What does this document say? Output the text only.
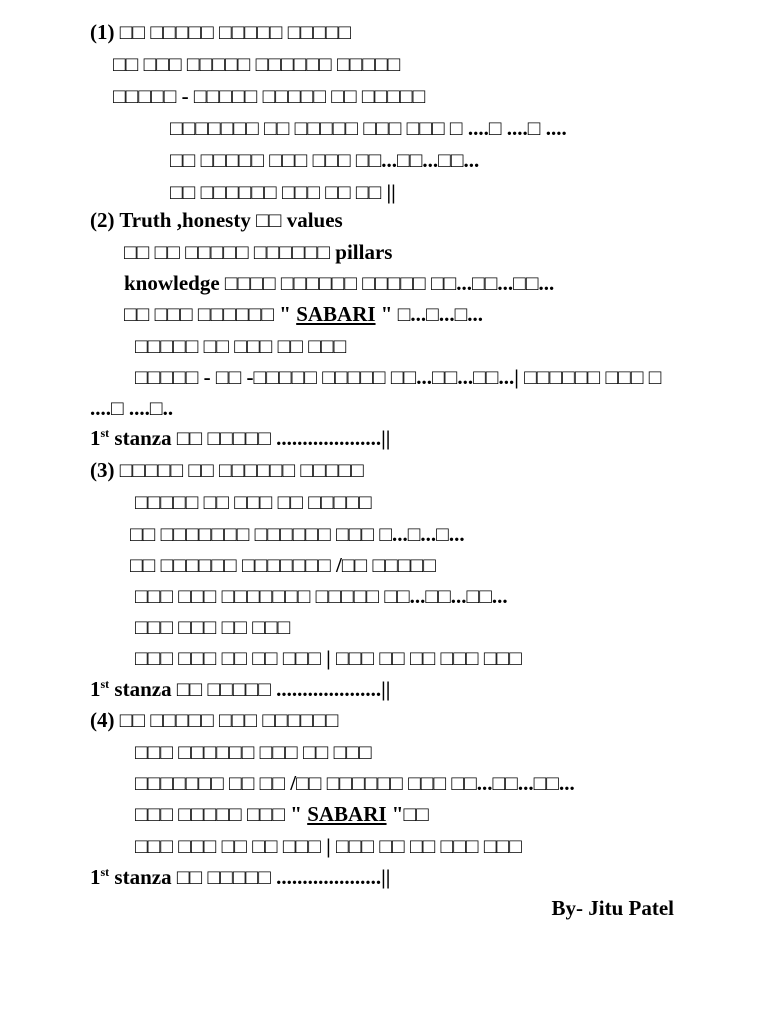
(1) □□ □□□□□ □□□□□ □□□□□
□□ □□□ □□□□□ □□□□□□ □□□□□
□□□□□ - □□□□□ □□□□□ □□ □□□□□
□□□□□□□ □□ □□□□□ □□□ □□□ □ ....□ ....□ ....
□□ □□□□□ □□□ □□□ □□...□□...□□...
□□ □□□□□□ □□□ □□ □□ ||
(2) Truth ,honesty □□ values
□□ □□ □□□□□ □□□□□□ pillars
knowledge □□□□ □□□□□□ □□□□□ □□...□□...□□...
□□ □□□ □□□□□□ " SABARI " □...□...□...
□□□□□ □□ □□□ □□ □□□
□□□□□ - □□ -□□□□□ □□□□□ □□...□□...□□...| □□□□□□ □□□ □
....□ ....□..
1st stanza □□ □□□□□ ....................||
(3) □□□□□ □□ □□□□□□ □□□□□
□□□□□ □□ □□□ □□ □□□□□
□□ □□□□□□□ □□□□□□ □□□ □...□...□...
□□ □□□□□□ □□□□□□□ /□□ □□□□□
□□□ □□□ □□□□□□□ □□□□□ □□...□□...□□...
□□□ □□□ □□ □□□
□□□ □□□ □□ □□ □□□ | □□□ □□ □□ □□□ □□□
1st stanza □□ □□□□□ ....................||
(4) □□ □□□□□ □□□ □□□□□□
□□□ □□□□□□ □□□ □□ □□□
□□□□□□□ □□ □□ /□□ □□□□□□ □□□ □□...□□...□□...
□□□ □□□□□ □□□ " SABARI "□□
□□□ □□□ □□ □□ □□□ | □□□ □□ □□ □□□ □□□
1st stanza □□ □□□□□ ....................||
By- Jitu Patel
